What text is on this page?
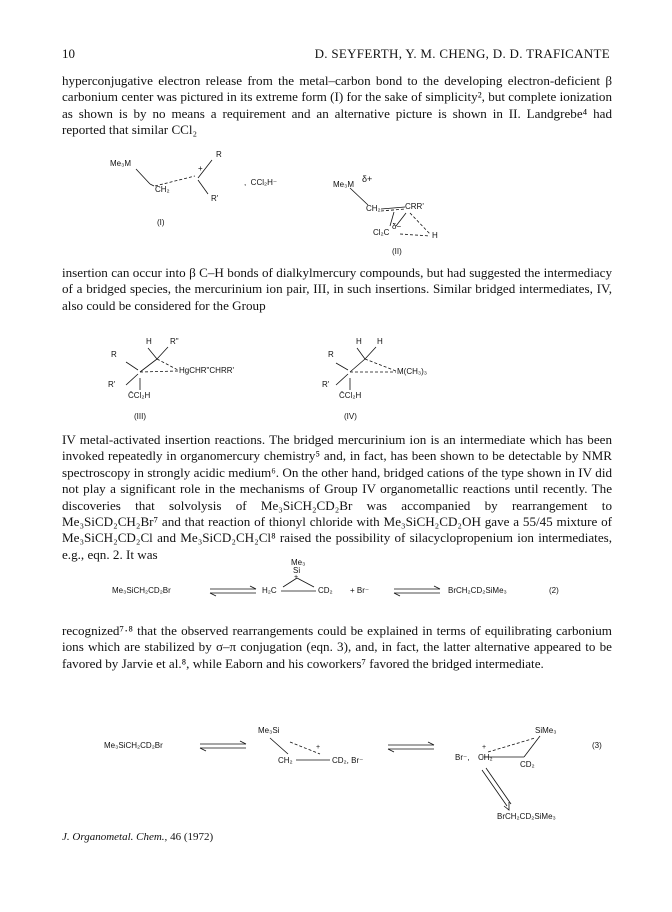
10	D. SEYFERTH, Y. M. CHENG, D. D. TRAFICANTE
hyperconjugative electron release from the metal–carbon bond to the developing electron-deficient β carbonium center was pictured in its extreme form (I) for the sake of simplicity², but complete ionization as shown is by no means a requirement and an alternative picture is shown in II. Landgrebe⁴ had reported that similar CCl₂
Me₃M
CH₂
+
R
R'
(I)
,  CCl₂H⁻	Me₃M
δ+
CH₂	CRR'
Cl₂C
δ−
H
(II)
insertion can occur into β C–H bonds of dialkylmercury compounds, but had suggested the intermediacy of a bridged species, the mercurinium ion pair, III, in such insertions. Similar bridged intermediates, IV, also could be considered for the Group
H R"
R
R'
HgCHR"CHRR'
C̄Cl₂H
(III)
H H
R
R'
M(CH₃)₃
C̄Cl₂H
(IV)
IV metal-activated insertion reactions. The bridged mercurinium ion is an intermediate which has been invoked repeatedly in organomercury chemistry⁵ and, in fact, has been shown to be detectable by NMR spectroscopy in strongly acidic medium⁶. On the other hand, bridged cations of the type shown in IV did not play a significant role in the mechanisms of Group IV organometallic reactions until recently. The discoveries that solvolysis of Me₃SiCH₂CD₂Br was accompanied by rearrangement to Me₃SiCD₂CH₂Br⁷ and that reaction of thionyl chloride with Me₃SiCH₂CD₂OH gave a 55/45 mixture of Me₃SiCH₂CD₂Cl and Me₃SiCD₂CH₂Cl⁸ raised the possibility of silacyclopropenium ion intermediates, e.g., eqn. 2. It was
Me₃SiCH₂CD₂Br
Me₃
Si
+
H₂C	CD₂ + Br⁻	BrCH₂CD₂SiMe₃	(2)
recognized⁷·⁸ that the observed rearrangements could be explained in terms of equilibrating carbonium ions which are stabilized by σ–π conjugation (eqn. 3), and, in fact, the latter alternative appeared to be favored by Jarvie et al.⁸, while Eaborn and his coworkers⁷ favored the bridged intermediate.
Me₃SiCH₂CD₂Br
Me₃Si
CH₂
+
CD₂, Br⁻
SiMe₃
Br⁻,
+
CH₂
CD₂
(3)
BrCH₂CD₂SiMe₃
J. Organometal. Chem., 46 (1972)
